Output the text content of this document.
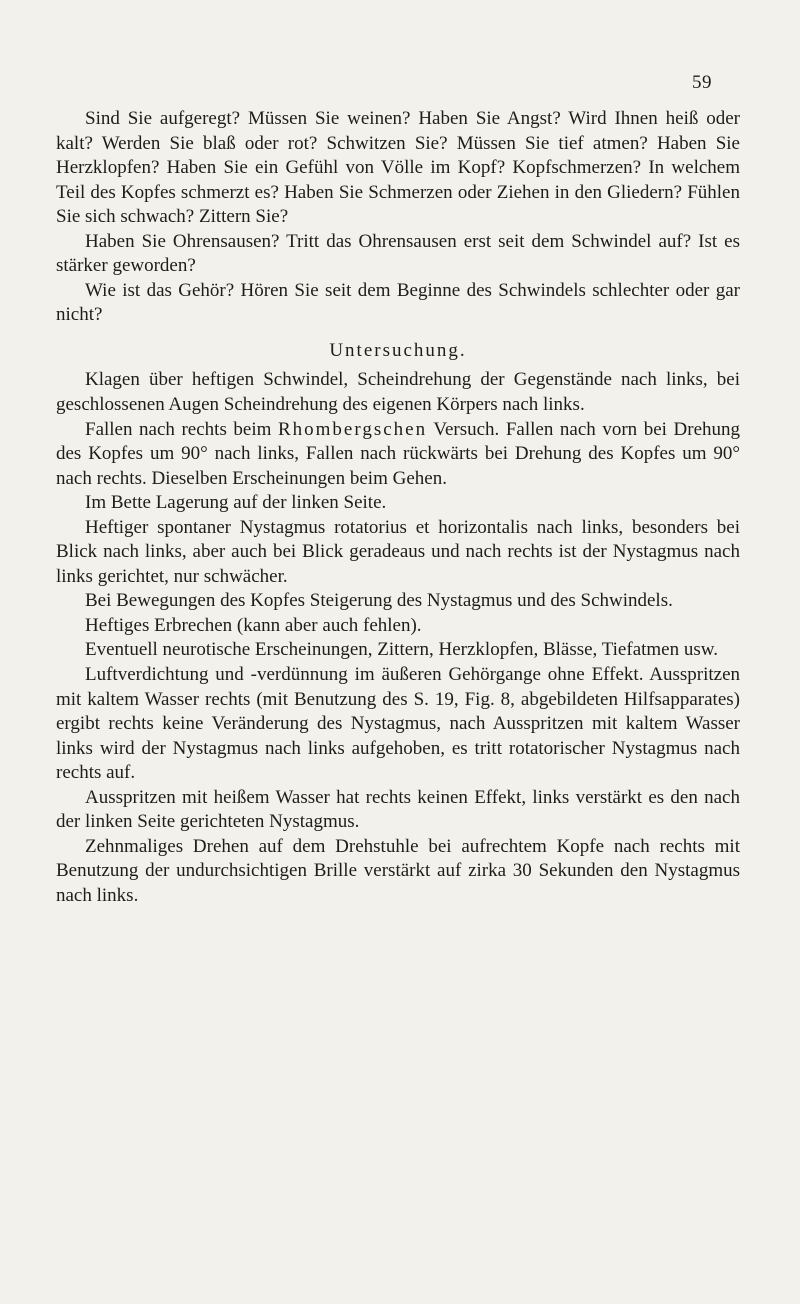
59

Sind Sie aufgeregt? Müssen Sie weinen? Haben Sie Angst? Wird Ihnen heiß oder kalt? Werden Sie blaß oder rot? Schwitzen Sie? Müssen Sie tief atmen? Haben Sie Herzklopfen? Haben Sie ein Gefühl von Völle im Kopf? Kopfschmerzen? In welchem Teil des Kopfes schmerzt es? Haben Sie Schmerzen oder Ziehen in den Gliedern? Fühlen Sie sich schwach? Zittern Sie?

Haben Sie Ohrensausen? Tritt das Ohrensausen erst seit dem Schwindel auf? Ist es stärker geworden?

Wie ist das Gehör? Hören Sie seit dem Beginne des Schwindels schlechter oder gar nicht?

Untersuchung.

Klagen über heftigen Schwindel, Scheindrehung der Gegenstände nach links, bei geschlossenen Augen Scheindrehung des eigenen Körpers nach links.

Fallen nach rechts beim Rhombergschen Versuch. Fallen nach vorn bei Drehung des Kopfes um 90° nach links, Fallen nach rückwärts bei Drehung des Kopfes um 90° nach rechts. Dieselben Erscheinungen beim Gehen.

Im Bette Lagerung auf der linken Seite.

Heftiger spontaner Nystagmus rotatorius et horizontalis nach links, besonders bei Blick nach links, aber auch bei Blick geradeaus und nach rechts ist der Nystagmus nach links gerichtet, nur schwächer.

Bei Bewegungen des Kopfes Steigerung des Nystagmus und des Schwindels.

Heftiges Erbrechen (kann aber auch fehlen).

Eventuell neurotische Erscheinungen, Zittern, Herzklopfen, Blässe, Tiefatmen usw.

Luftverdichtung und -verdünnung im äußeren Gehörgange ohne Effekt. Ausspritzen mit kaltem Wasser rechts (mit Benutzung des S. 19, Fig. 8, abgebildeten Hilfsapparates) ergibt rechts keine Veränderung des Nystagmus, nach Ausspritzen mit kaltem Wasser links wird der Nystagmus nach links aufgehoben, es tritt rotatorischer Nystagmus nach rechts auf.

Ausspritzen mit heißem Wasser hat rechts keinen Effekt, links verstärkt es den nach der linken Seite gerichteten Nystagmus.

Zehnmaliges Drehen auf dem Drehstuhle bei aufrechtem Kopfe nach rechts mit Benutzung der undurchsichtigen Brille verstärkt auf zirka 30 Sekunden den Nystagmus nach links.
